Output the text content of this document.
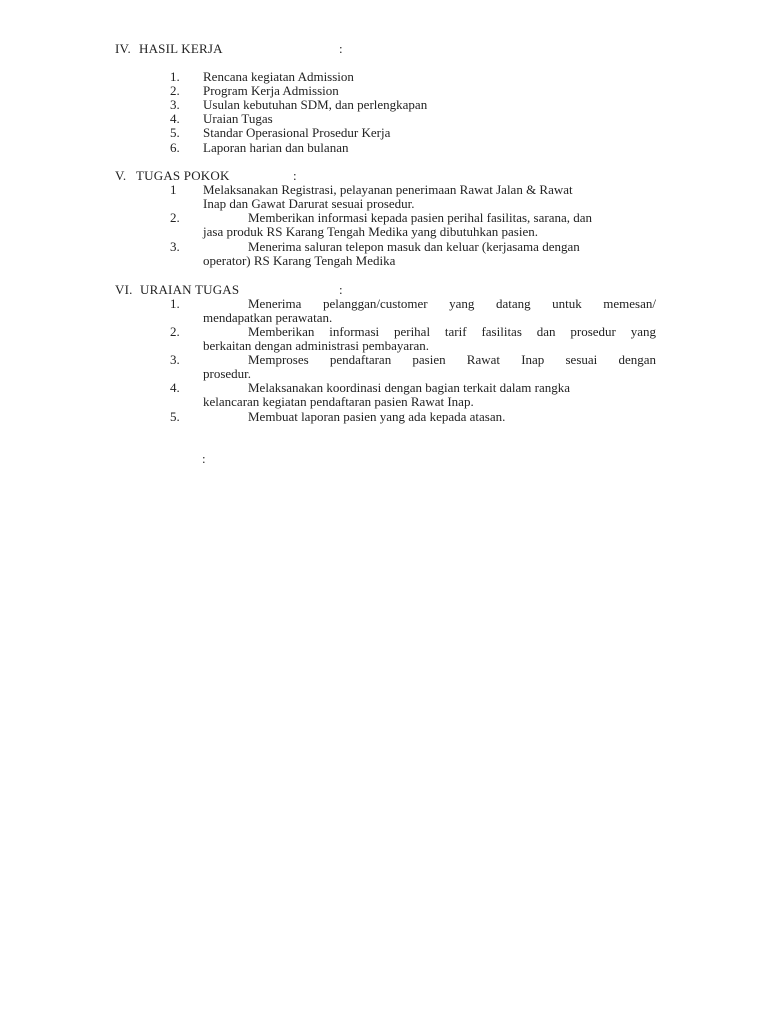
IV. HASIL KERJA	:
1. Rencana kegiatan Admission
2. Program Kerja Admission
3. Usulan kebutuhan SDM, dan perlengkapan
4. Uraian Tugas
5. Standar Operasional Prosedur Kerja
6. Laporan harian dan bulanan
V. TUGAS POKOK	:
1 Melaksanakan Registrasi, pelayanan penerimaan Rawat Jalan & Rawat
Inap dan Gawat Darurat sesuai prosedur.
2.	Memberikan informasi kepada pasien perihal fasilitas, sarana, dan
jasa produk RS Karang Tengah Medika yang dibutuhkan pasien.
3.	Menerima saluran telepon masuk dan keluar (kerjasama dengan
operator) RS Karang Tengah Medika
VI. URAIAN TUGAS	:
1.	Menerima pelanggan/customer yang datang untuk memesan/
mendapatkan perawatan.
2.	Memberikan informasi perihal tarif fasilitas dan prosedur yang
berkaitan dengan administrasi pembayaran.
3.	Memproses pendaftaran pasien Rawat Inap sesuai dengan
prosedur.
4.	Melaksanakan koordinasi dengan bagian terkait dalam rangka
kelancaran kegiatan pendaftaran pasien Rawat Inap.
5.	Membuat laporan pasien yang ada kepada atasan.
:
